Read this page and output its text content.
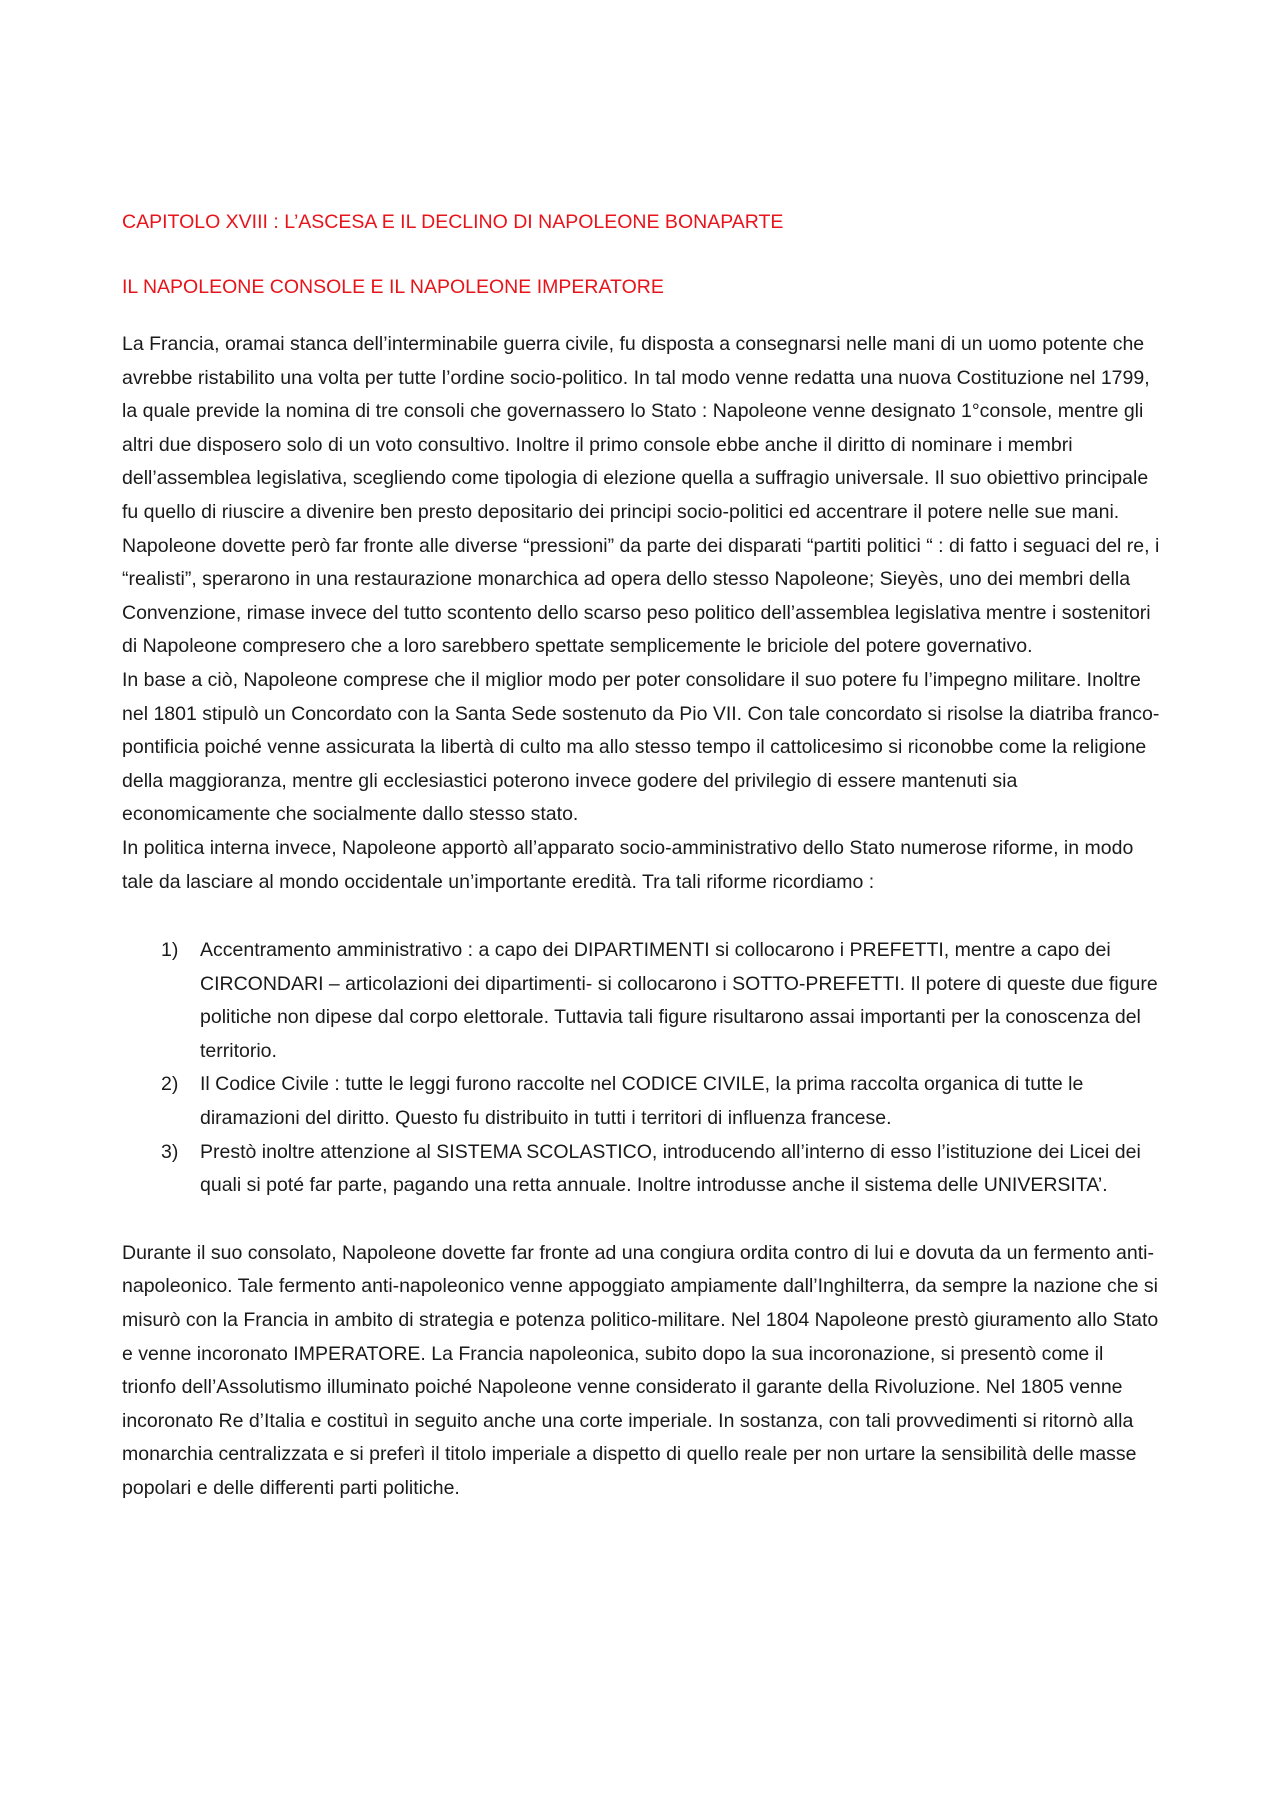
CAPITOLO XVIII : L’ASCESA E IL DECLINO DI NAPOLEONE BONAPARTE
IL NAPOLEONE CONSOLE E IL NAPOLEONE IMPERATORE
La Francia, oramai stanca dell’interminabile guerra civile, fu disposta a consegnarsi nelle mani di un uomo potente che avrebbe ristabilito una volta per tutte l’ordine socio-politico. In tal modo venne redatta una nuova Costituzione nel 1799, la quale previde la nomina di tre consoli che governassero lo Stato : Napoleone venne designato 1°console, mentre gli altri due disposero solo di un voto consultivo. Inoltre il primo console ebbe anche il diritto di nominare i membri dell’assemblea legislativa, scegliendo come tipologia di elezione quella a suffragio universale. Il suo obiettivo principale fu quello di riuscire a divenire ben presto depositario dei principi socio-politici ed accentrare il potere nelle sue mani. Napoleone dovette però far fronte alle diverse “pressioni” da parte dei disparati “partiti politici “ : di fatto i seguaci del re, i “realisti”, sperarono in una restaurazione monarchica ad opera dello stesso Napoleone; Sieyès, uno dei membri della Convenzione, rimase invece del tutto scontento dello scarso peso politico dell’assemblea legislativa mentre i sostenitori di Napoleone compresero che a loro sarebbero spettate semplicemente le briciole del potere governativo.
In base a ciò, Napoleone comprese che il miglior modo per poter consolidare il suo potere fu l’impegno militare. Inoltre nel 1801 stipulò un Concordato con la Santa Sede sostenuto da Pio VII. Con tale concordato si risolse la diatriba franco-pontificia poiché venne assicurata la libertà di culto ma allo stesso tempo il cattolicesimo si riconobbe come la religione della maggioranza, mentre gli ecclesiastici poterono invece godere del privilegio di essere mantenuti sia economicamente che socialmente dallo stesso stato.
In politica interna invece, Napoleone apportò all’apparato socio-amministrativo dello Stato numerose riforme, in modo tale da lasciare al mondo occidentale un’importante eredità. Tra tali riforme ricordiamo :
1) Accentramento amministrativo : a capo dei DIPARTIMENTI si collocarono i PREFETTI, mentre a capo dei CIRCONDARI – articolazioni dei dipartimenti- si collocarono i SOTTO-PREFETTI. Il potere di queste due figure politiche non dipese dal corpo elettorale. Tuttavia tali figure risultarono assai importanti per la conoscenza del territorio.
2) Il Codice Civile : tutte le leggi furono raccolte nel CODICE CIVILE, la prima raccolta organica di tutte le diramazioni del diritto. Questo fu distribuito in tutti i territori di influenza francese.
3) Prestò inoltre attenzione al SISTEMA SCOLASTICO, introducendo all’interno di esso l’istituzione dei Licei dei quali si poté far parte, pagando una retta annuale. Inoltre introdusse anche il sistema delle UNIVERSITA’.

Durante il suo consolato, Napoleone dovette far fronte ad una congiura ordita contro di lui e dovuta da un fermento anti-napoleonico. Tale fermento anti-napoleonico venne appoggiato ampiamente dall’Inghilterra, da sempre la nazione che si misurò con la Francia in ambito di strategia e potenza politico-militare. Nel 1804 Napoleone prestò giuramento allo Stato e venne incoronato IMPERATORE. La Francia napoleonica, subito dopo la sua incoronazione, si presentò come il trionfo dell’Assolutismo illuminato poiché Napoleone venne considerato il garante della Rivoluzione. Nel 1805 venne incoronato Re d’Italia e costituì in seguito anche una corte imperiale. In sostanza, con tali provvedimenti si ritornò alla monarchia centralizzata e si preferì il titolo imperiale a dispetto di quello reale per non urtare la sensibilità delle masse popolari e delle differenti parti politiche.
